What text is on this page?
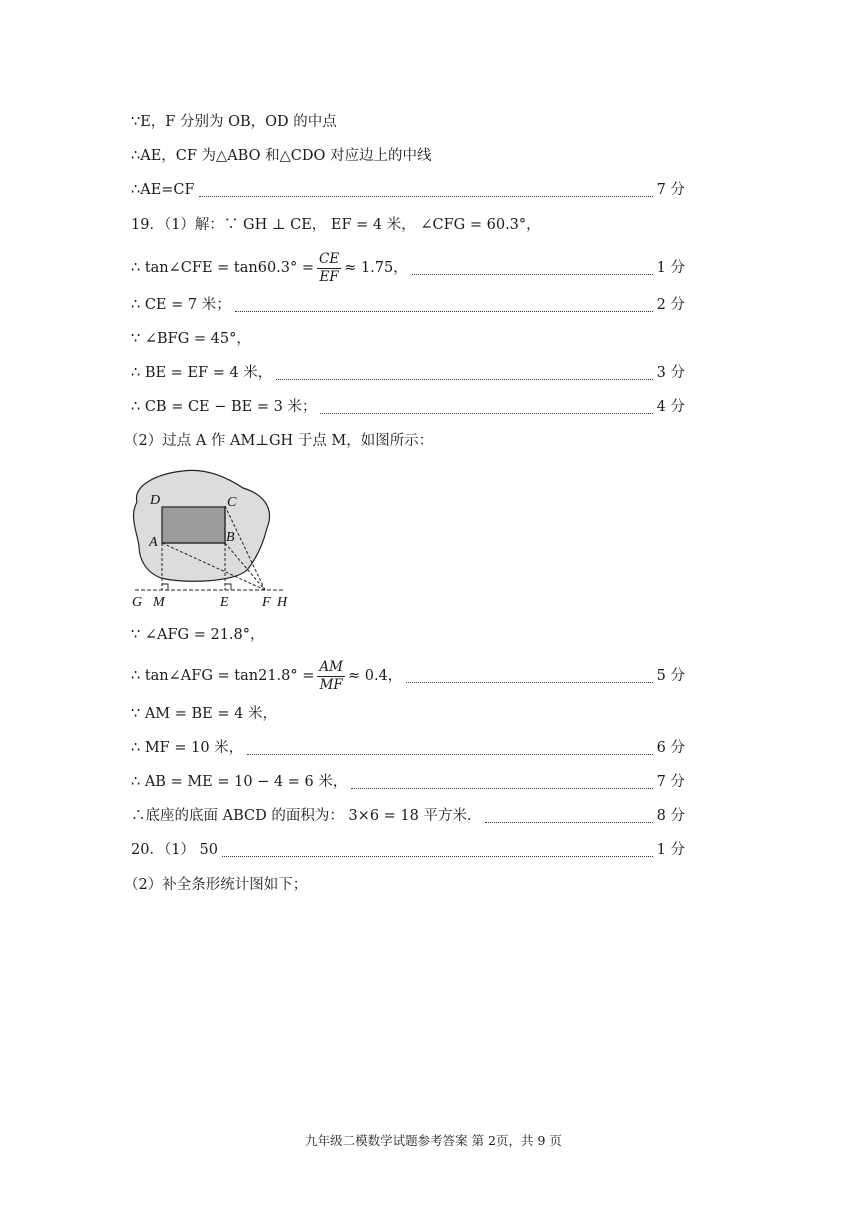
∵E，F 分别为 OB，OD 的中点
∴AE，CF 为△ABO 和△CDO 对应边上的中线
∴AE=CF	7 分
19．（1）解：∵ GH ⊥ CE， EF = 4 米， ∠CFG = 60.3°，
∴ tan∠CFE = $\tan 60.3^\circ = \frac{CE}{EF} \approx 1.75$，	1 分
∴ CE = 7 米；	2 分
∵ ∠BFG = 45°，
∴ BE = EF = 4 米，	3 分
∴ CB = CE − BE = 3 米；	4 分
（2）过点 A 作 AM⊥GH 于点 M，如图所示：
D	C
A	B
G M	E F H
∵ ∠AFG = 21.8°，
∴ tan∠AFG = $\tan 21.8^\circ = \frac{AM}{MF} \approx 0.4$，	5 分
∵ AM = BE = 4 米，
∴ MF = 10 米，	6 分
∴ AB = ME = 10 − 4 = 6 米，	7 分
∴底座的底面 ABCD 的面积为： 3×6 = 18 平方米．	8 分
20．（1） 50	1 分
（2）补全条形统计图如下；
九年级二模数学试题参考答案 第 2页，共 9 页
